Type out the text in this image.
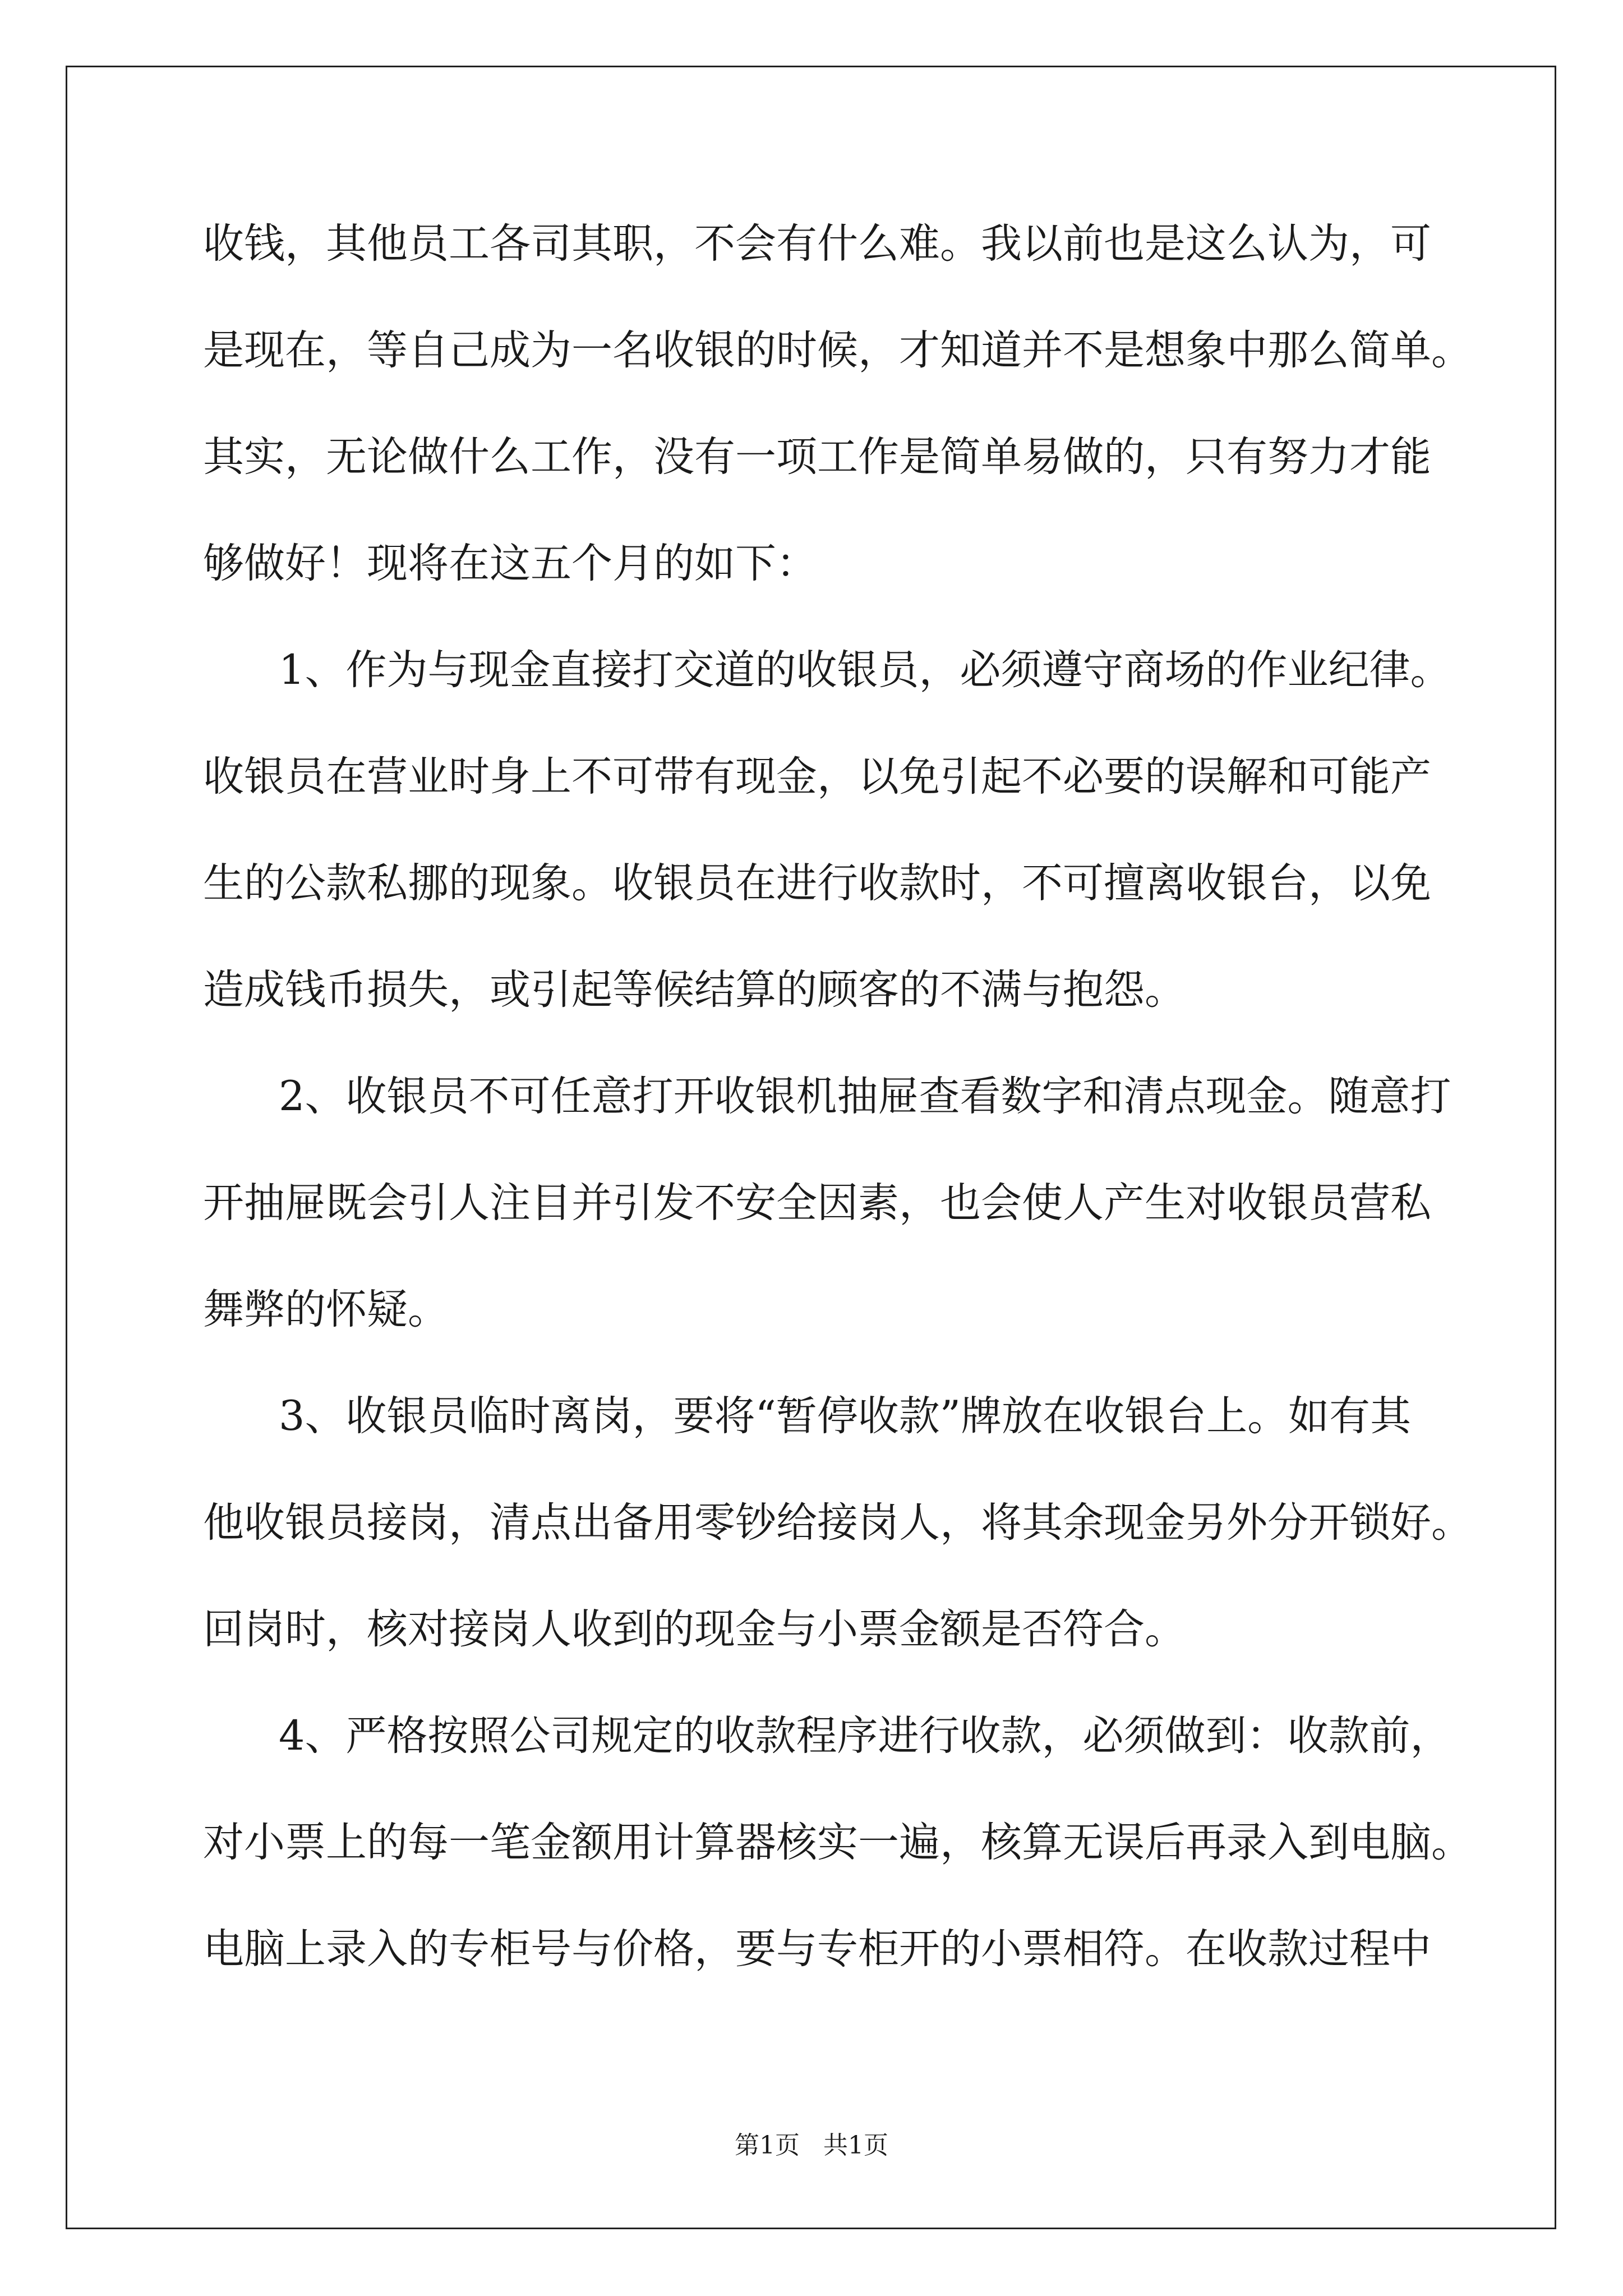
收钱，其他员工各司其职，不会有什么难。我以前也是这么认为，可
是现在，等自己成为一名收银的时候，才知道并不是想象中那么简单。
其实，无论做什么工作，没有一项工作是简单易做的，只有努力才能
够做好！现将在这五个月的如下：
1、作为与现金直接打交道的收银员，必须遵守商场的作业纪律。
收银员在营业时身上不可带有现金，以免引起不必要的误解和可能产
生的公款私挪的现象。收银员在进行收款时，不可擅离收银台，以免
造成钱币损失，或引起等候结算的顾客的不满与抱怨。
2、收银员不可任意打开收银机抽屉查看数字和清点现金。随意打
开抽屉既会引人注目并引发不安全因素，也会使人产生对收银员营私
舞弊的怀疑。
3、收银员临时离岗，要将“暂停收款”牌放在收银台上。如有其
他收银员接岗，清点出备用零钞给接岗人，将其余现金另外分开锁好。
回岗时，核对接岗人收到的现金与小票金额是否符合。
4、严格按照公司规定的收款程序进行收款，必须做到：收款前，
对小票上的每一笔金额用计算器核实一遍，核算无误后再录入到电脑。
电脑上录入的专柜号与价格，要与专柜开的小票相符。在收款过程中
第1页   共1页
